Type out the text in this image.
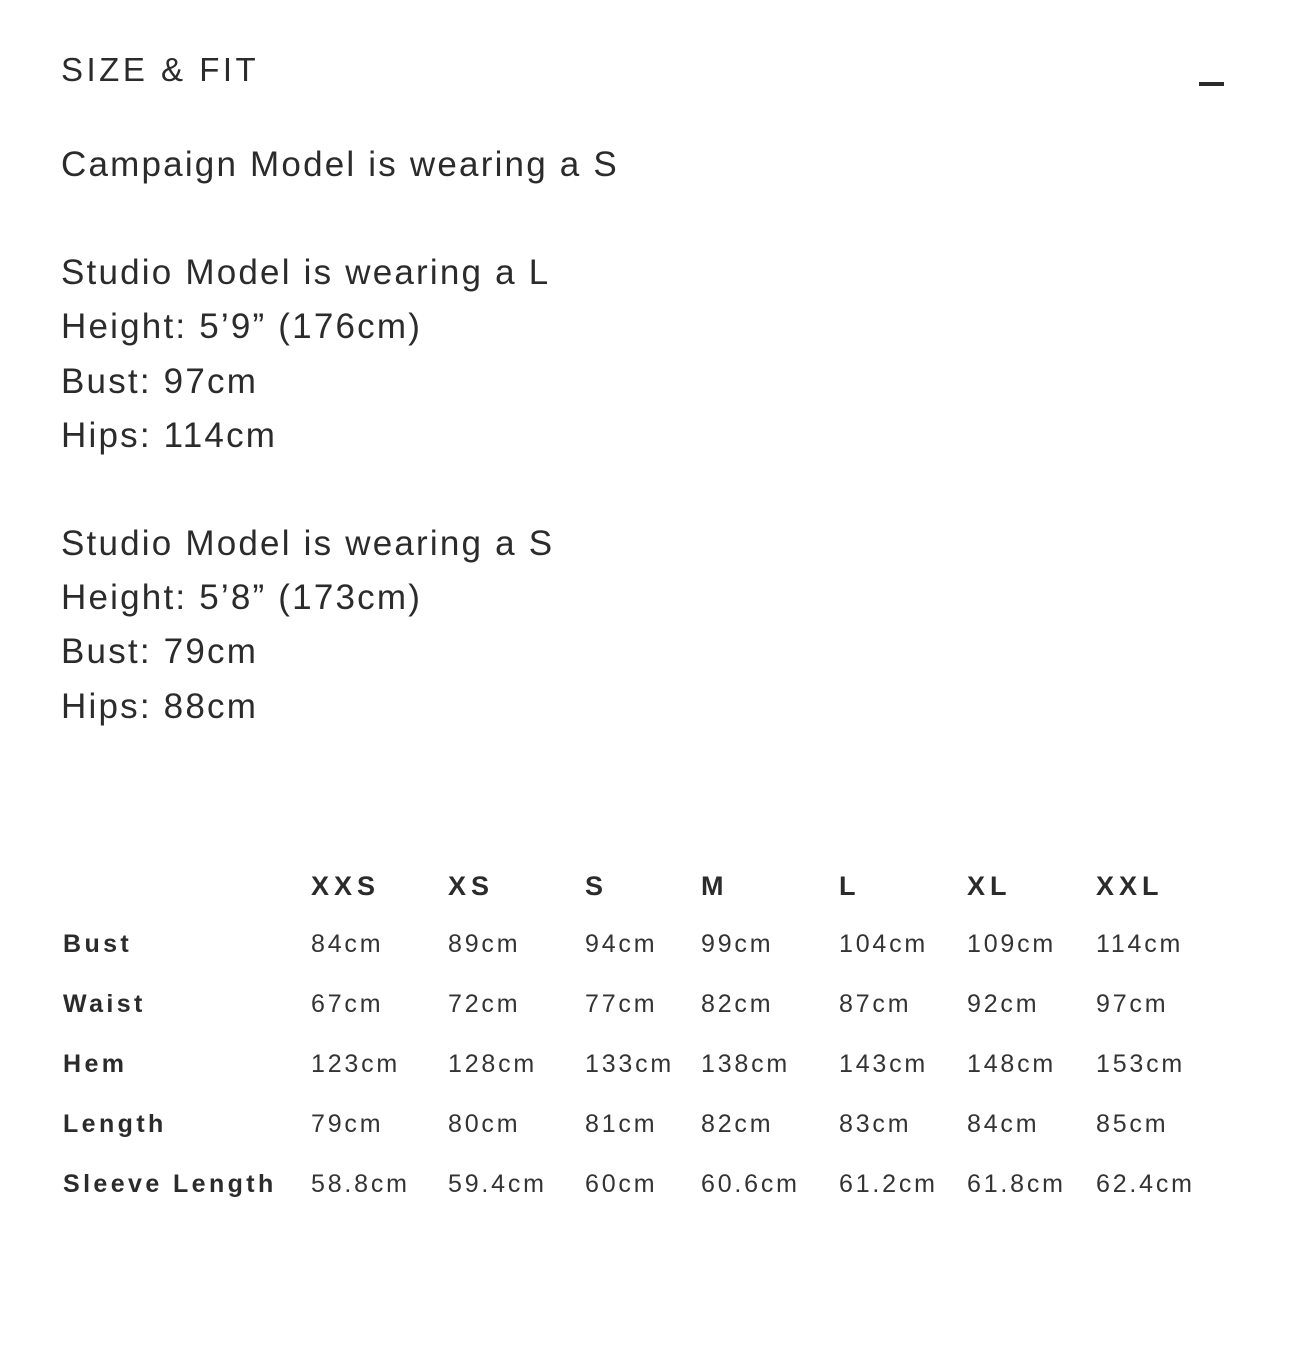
SIZE & FIT
Campaign Model is wearing a S
Studio Model is wearing a L
Height: 5’9” (176cm)
Bust: 97cm
Hips: 114cm
Studio Model is wearing a S
Height: 5’8” (173cm)
Bust: 79cm
Hips: 88cm
	XXS	XS	S	M	L	XL	XXL
Bust	84cm	89cm	94cm	99cm	104cm	109cm	114cm
Waist	67cm	72cm	77cm	82cm	87cm	92cm	97cm
Hem	123cm	128cm	133cm	138cm	143cm	148cm	153cm
Length	79cm	80cm	81cm	82cm	83cm	84cm	85cm
Sleeve Length	58.8cm	59.4cm	60cm	60.6cm	61.2cm	61.8cm	62.4cm
